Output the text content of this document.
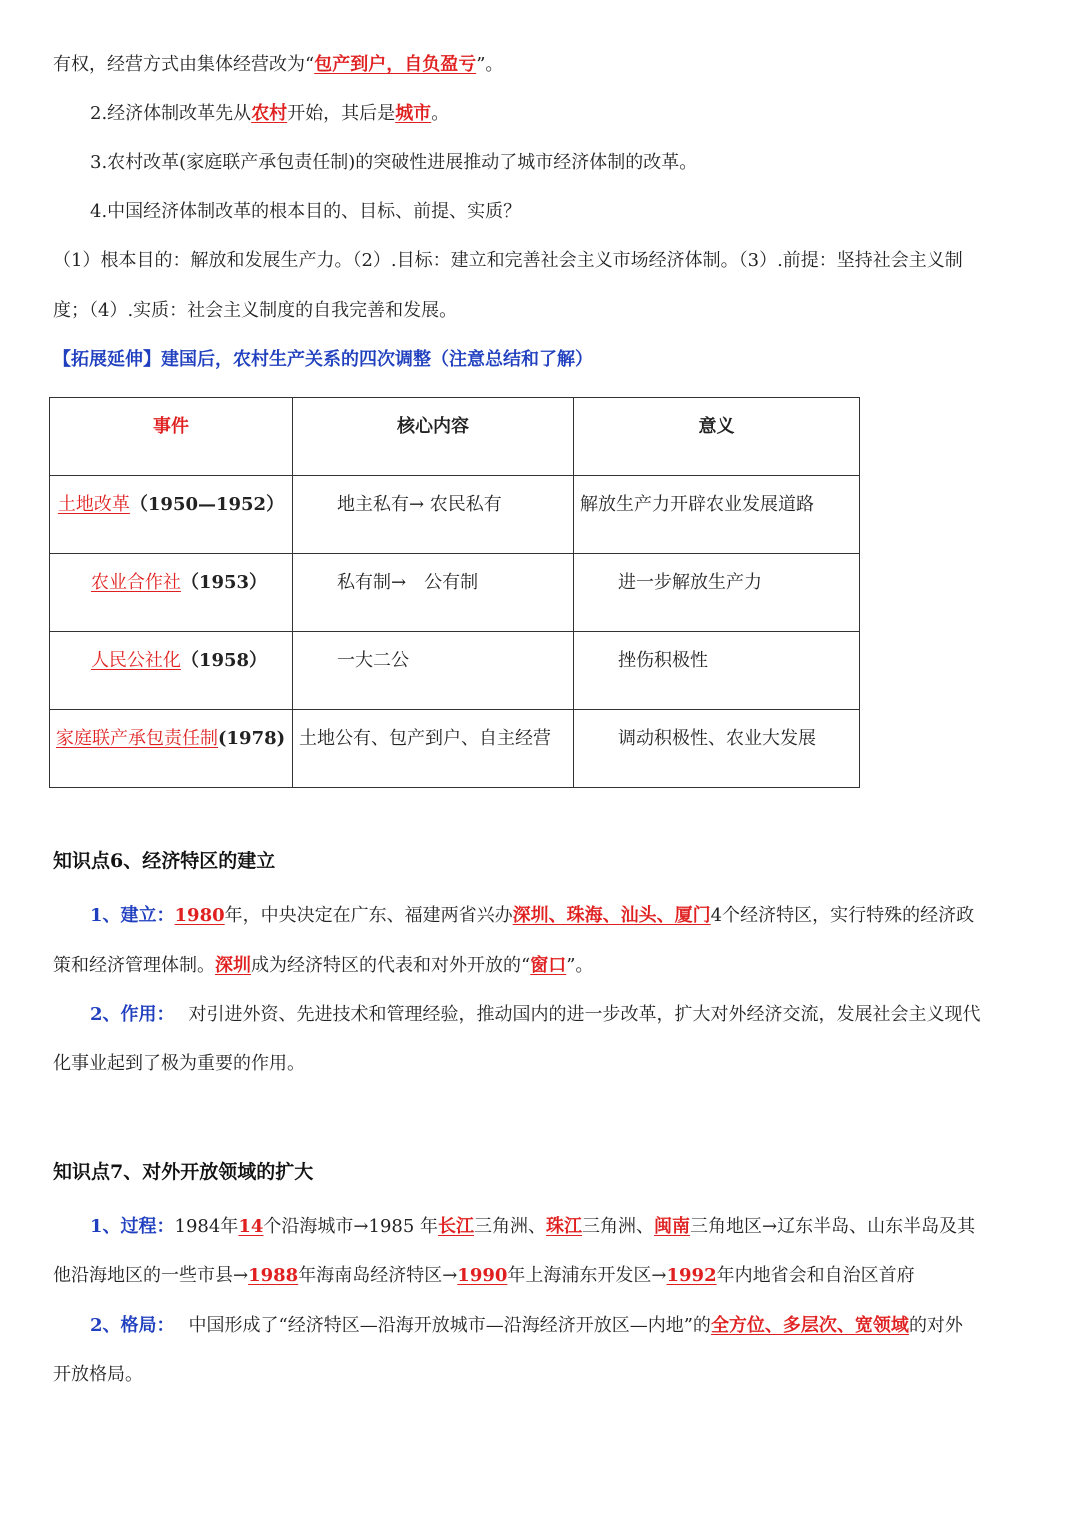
有权，经营方式由集体经营改为“包产到户，自负盈亏”。
2.经济体制改革先从农村开始，其后是城市。
3.农村改革(家庭联产承包责任制)的突破性进展推动了城市经济体制的改革。
4.中国经济体制改革的根本目的、目标、前提、实质？
（1）根本目的：解放和发展生产力。（2）.目标：建立和完善社会主义市场经济体制。（3）.前提：坚持社会主义制
度；（4）.实质：社会主义制度的自我完善和发展。
【拓展延伸】建国后，农村生产关系的四次调整（注意总结和了解）
事件	核心内容	意义

土地改革（1950—1952）	地主私有→ 农民私有	解放生产力开辟农业发展道路

农业合作社（1953）	私有制→　公有制	进一步解放生产力

人民公社化（1958）	一大二公	挫伤积极性

家庭联产承包责任制(1978)	土地公有、包产到户、自主经营	调动积极性、农业大发展
知识点6、经济特区的建立
1、建立：1980年，中央决定在广东、福建两省兴办深圳、珠海、汕头、厦门4个经济特区，实行特殊的经济政
策和经济管理体制。深圳成为经济特区的代表和对外开放的“窗口”。
2、作用： 对引进外资、先进技术和管理经验，推动国内的进一步改革，扩大对外经济交流，发展社会主义现代
化事业起到了极为重要的作用。
知识点7、对外开放领域的扩大
1、过程：1984年14个沿海城市→1985 年长江三角洲、珠江三角洲、闽南三角地区→辽东半岛、山东半岛及其
他沿海地区的一些市县→1988年海南岛经济特区→1990年上海浦东开发区→1992年内地省会和自治区首府
2、格局： 中国形成了“经济特区—沿海开放城市—沿海经济开放区—内地”的全方位、多层次、宽领域的对外
开放格局。
